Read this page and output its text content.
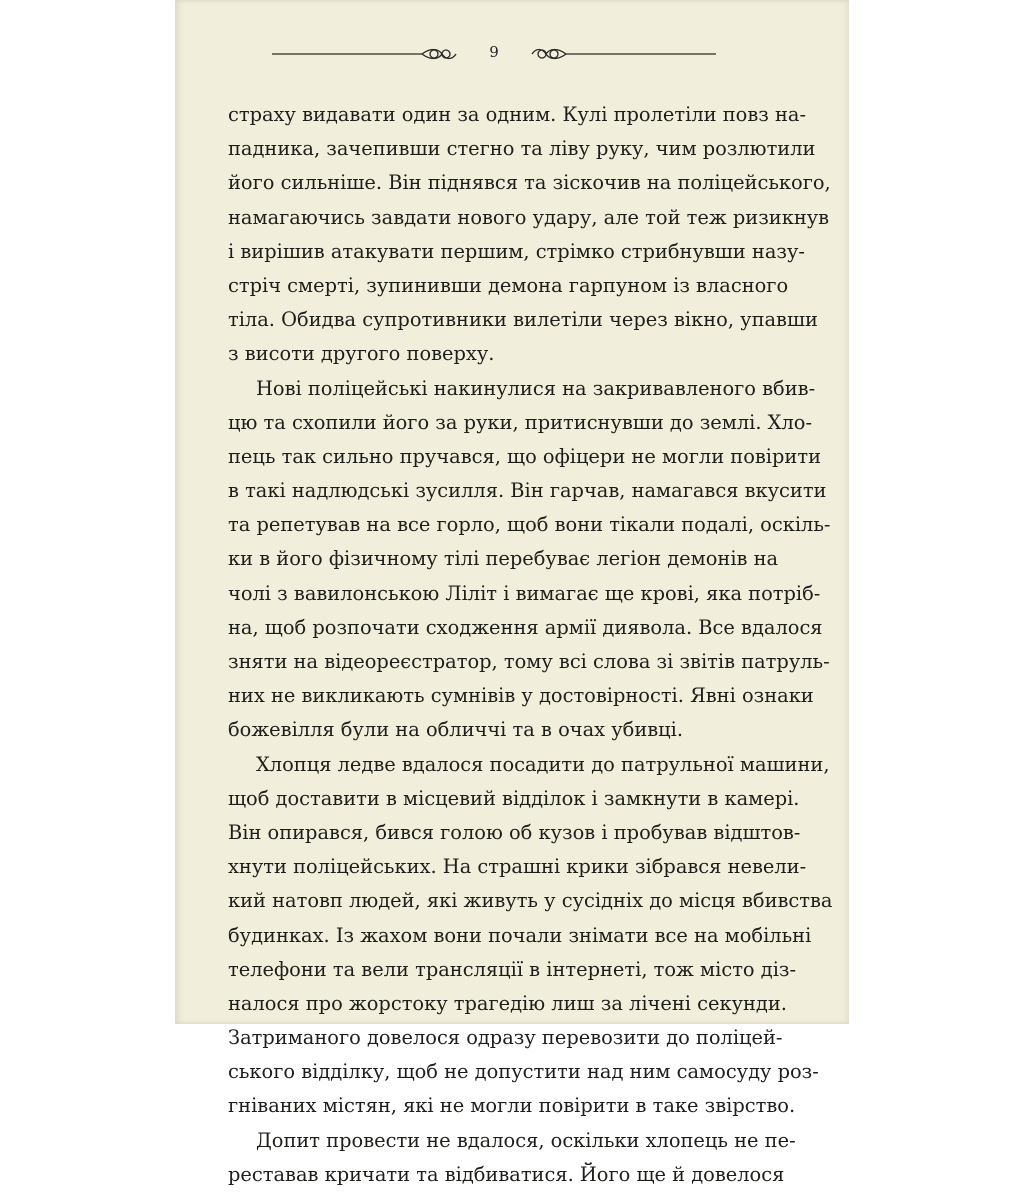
9
страху видавати один за одним. Кулі пролетіли повз на-
падника, зачепивши стегно та ліву руку, чим розлютили
його сильніше. Він піднявся та зіскочив на поліцейського,
намагаючись завдати нового удару, але той теж ризикнув
і вирішив атакувати першим, стрімко стрибнувши назу-
стріч смерті, зупинивши демона гарпуном із власного
тіла. Обидва супротивники вилетіли через вікно, упавши
з висоти другого поверху.
Нові поліцейські накинулися на закривавленого вбив-
цю та схопили його за руки, притиснувши до землі. Хло-
пець так сильно пручався, що офіцери не могли повірити
в такі надлюдські зусилля. Він гарчав, намагався вкусити
та репетував на все горло, щоб вони тікали подалі, оскіль-
ки в його фізичному тілі перебуває легіон демонів на
чолі з вавилонською Ліліт і вимагає ще крові, яка потріб-
на, щоб розпочати сходження армії диявола. Все вдалося
зняти на відеореєстратор, тому всі слова зі звітів патруль-
них не викликають сумнівів у достовірності. Явні ознаки
божевілля були на обличчі та в очах убивці.
Хлопця ледве вдалося посадити до патрульної машини,
щоб доставити в місцевий відділок і замкнути в камері.
Він опирався, бився голою об кузов і пробував відштов-
хнути поліцейських. На страшні крики зібрався невели-
кий натовп людей, які живуть у сусідніх до місця вбивства
будинках. Із жахом вони почали знімати все на мобільні
телефони та вели трансляції в інтернеті, тож місто дiз-
налося про жорстоку трагедію лиш за лічені секунди.
Затриманого довелося одразу перевозити до поліцей-
ського відділку, щоб не допустити над ним самосуду роз-
гніваних містян, які не могли повірити в таке звірство.
Допит провести не вдалося, оскільки хлопець не пе-
реставав кричати та відбиватися. Його ще й довелося
